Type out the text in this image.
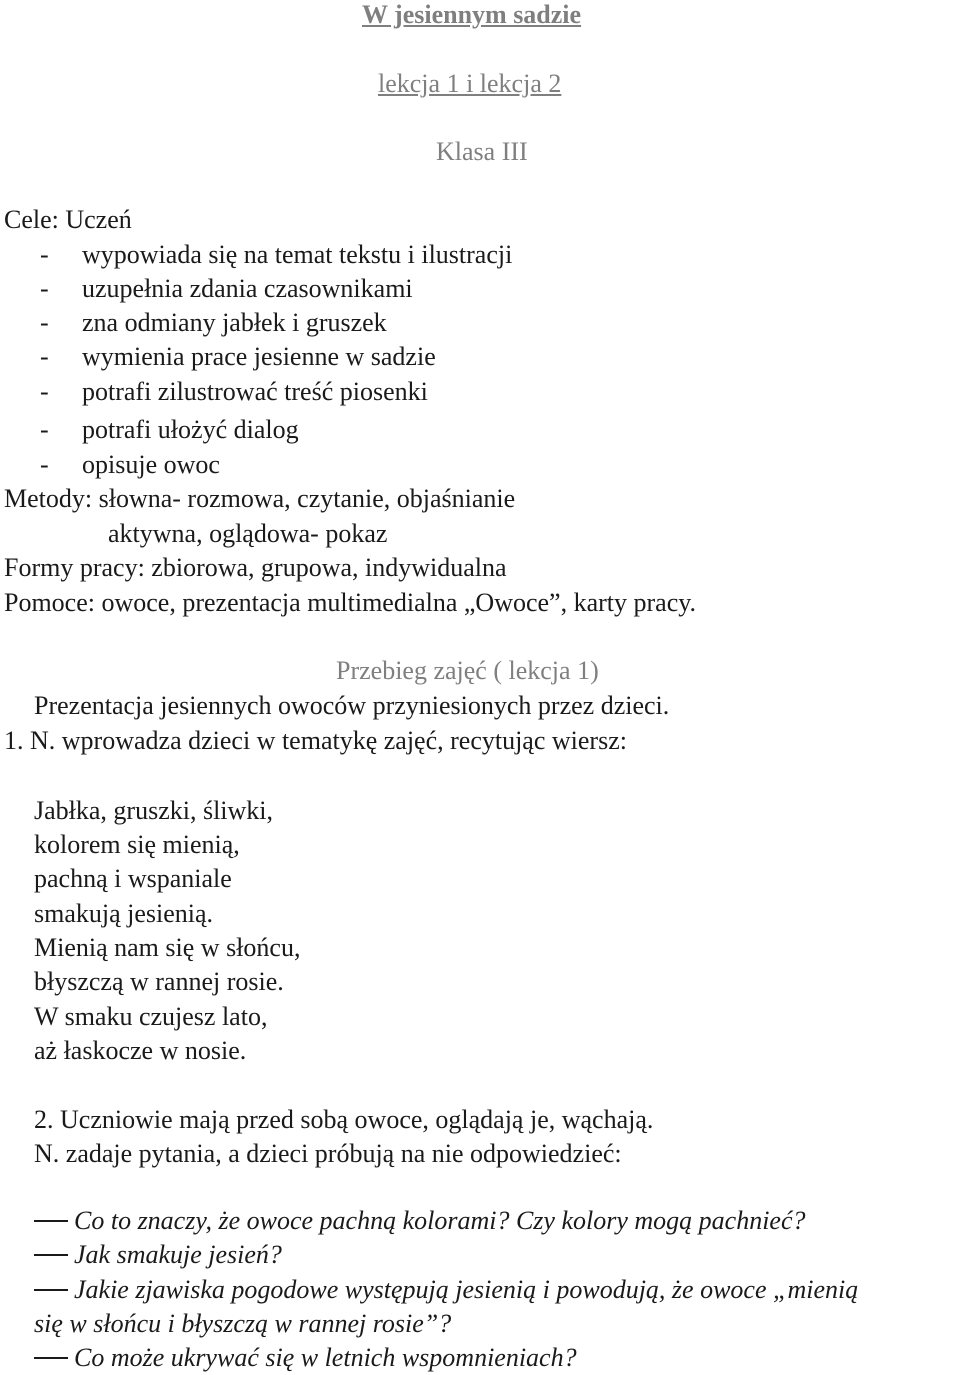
W jesiennym sadzie
lekcja 1 i lekcja 2
Klasa III
Cele: Uczeń
- wypowiada się na temat tekstu i ilustracji
- uzupełnia zdania czasownikami
- zna odmiany jabłek i gruszek
- wymienia prace jesienne w sadzie
- potrafi zilustrować treść piosenki
- potrafi ułożyć dialog
- opisuje owoc
Metody: słowna- rozmowa, czytanie, objaśnianie
aktywna, oglądowa- pokaz
Formy pracy: zbiorowa, grupowa, indywidualna
Pomoce: owoce, prezentacja multimedialna „Owoce”, karty pracy.
Przebieg zajęć ( lekcja 1)
Prezentacja jesiennych owoców przyniesionych przez dzieci.
1. N. wprowadza dzieci w tematykę zajęć, recytując wiersz:
Jabłka, gruszki, śliwki,
kolorem się mienią,
pachną i wspaniale
smakują jesienią.
Mienią nam się w słońcu,
błyszczą w rannej rosie.
W smaku czujesz lato,
aż łaskocze w nosie.
2. Uczniowie mają przed sobą owoce, oglądają je, wąchają.
N. zadaje pytania, a dzieci próbują na nie odpowiedzieć:
Co to znaczy, że owoce pachną kolorami? Czy kolory mogą pachnieć?
Jak smakuje jesień?
Jakie zjawiska pogodowe występują jesienią i powodują, że owoce „mienią
się w słońcu i błyszczą w rannej rosie”?
Co może ukrywać się w letnich wspomnieniach?
